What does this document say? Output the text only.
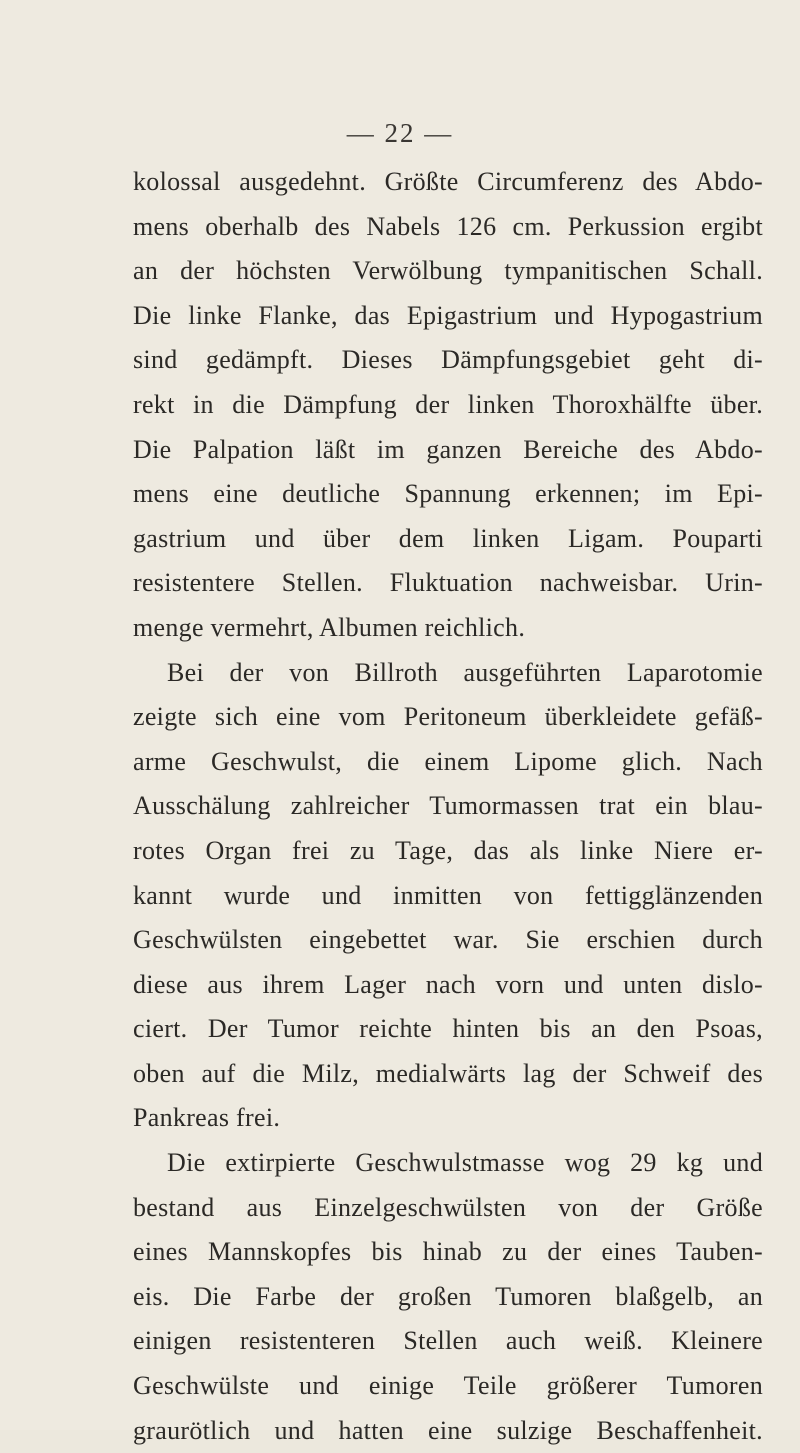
— 22 —
kolossal ausgedehnt. Größte Circumferenz des Abdo-
mens oberhalb des Nabels 126 cm. Perkussion ergibt
an der höchsten Verwölbung tympanitischen Schall.
Die linke Flanke, das Epigastrium und Hypogastrium
sind gedämpft. Dieses Dämpfungsgebiet geht di-
rekt in die Dämpfung der linken Thoroxhälfte über.
Die Palpation läßt im ganzen Bereiche des Abdo-
mens eine deutliche Spannung erkennen; im Epi-
gastrium und über dem linken Ligam. Pouparti
resistentere Stellen. Fluktuation nachweisbar. Urin-
menge vermehrt, Albumen reichlich.
Bei der von Billroth ausgeführten Laparotomie
zeigte sich eine vom Peritoneum überkleidete gefäß-
arme Geschwulst, die einem Lipome glich. Nach
Ausschälung zahlreicher Tumormassen trat ein blau-
rotes Organ frei zu Tage, das als linke Niere er-
kannt wurde und inmitten von fettigglänzenden
Geschwülsten eingebettet war. Sie erschien durch
diese aus ihrem Lager nach vorn und unten dislo-
ciert. Der Tumor reichte hinten bis an den Psoas,
oben auf die Milz, medialwärts lag der Schweif des
Pankreas frei.
Die extirpierte Geschwulstmasse wog 29 kg und
bestand aus Einzelgeschwülsten von der Größe
eines Mannskopfes bis hinab zu der eines Tauben-
eis. Die Farbe der großen Tumoren blaßgelb, an
einigen resistenteren Stellen auch weiß. Kleinere
Geschwülste und einige Teile größerer Tumoren
graurötlich und hatten eine sulzige Beschaffenheit.
